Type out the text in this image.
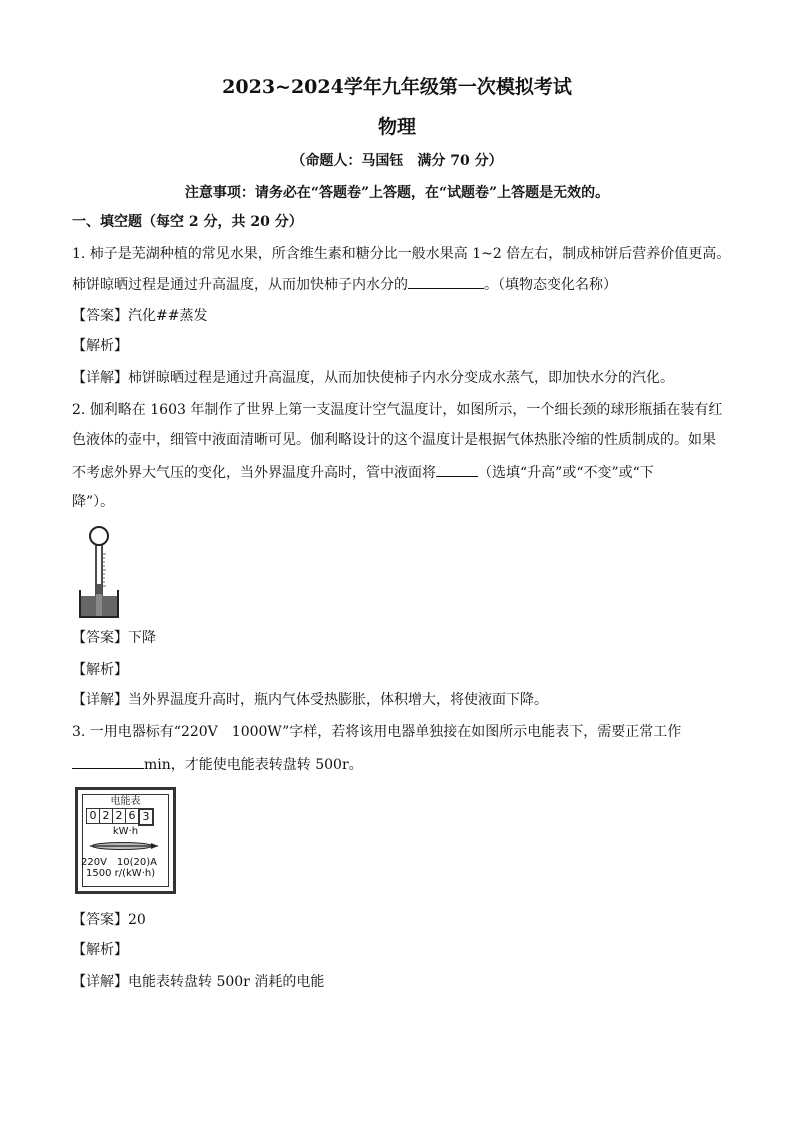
2023~2024学年九年级第一次模拟考试
物理
（命题人：马国钰　满分 70 分）
注意事项：请务必在“答题卷”上答题，在“试题卷”上答题是无效的。
一、填空题（每空 2 分，共 20 分）
1. 柿子是芜湖种植的常见水果，所含维生素和糖分比一般水果高 1~2 倍左右，制成柿饼后营养价值更高。
柿饼晾晒过程是通过升高温度，从而加快柿子内水分的	。（填物态变化名称）
【答案】汽化##蒸发
【解析】
【详解】柿饼晾晒过程是通过升高温度，从而加快使柿子内水分变成水蒸气，即加快水分的汽化。
2. 伽利略在 1603 年制作了世界上第一支温度计空气温度计，如图所示，一个细长颈的球形瓶插在装有红
色液体的壶中，细管中液面清晰可见。伽利略设计的这个温度计是根据气体热胀冷缩的性质制成的。如果
不考虑外界大气压的变化，当外界温度升高时，管中液面将	（选填“升高”或“不变”或“下
降”）。
【答案】下降
【解析】
【详解】当外界温度升高时，瓶内气体受热膨胀，体积增大，将使液面下降。
3. 一用电器标有“220V　1000W”字样，若将该用电器单独接在如图所示电能表下，需要正常工作
min，才能使电能表转盘转 500r。
电能表
0 2 2 6 3
kW·h
220V　10(20)A
1500 r/(kW·h)
【答案】20
【解析】
【详解】电能表转盘转 500r 消耗的电能
